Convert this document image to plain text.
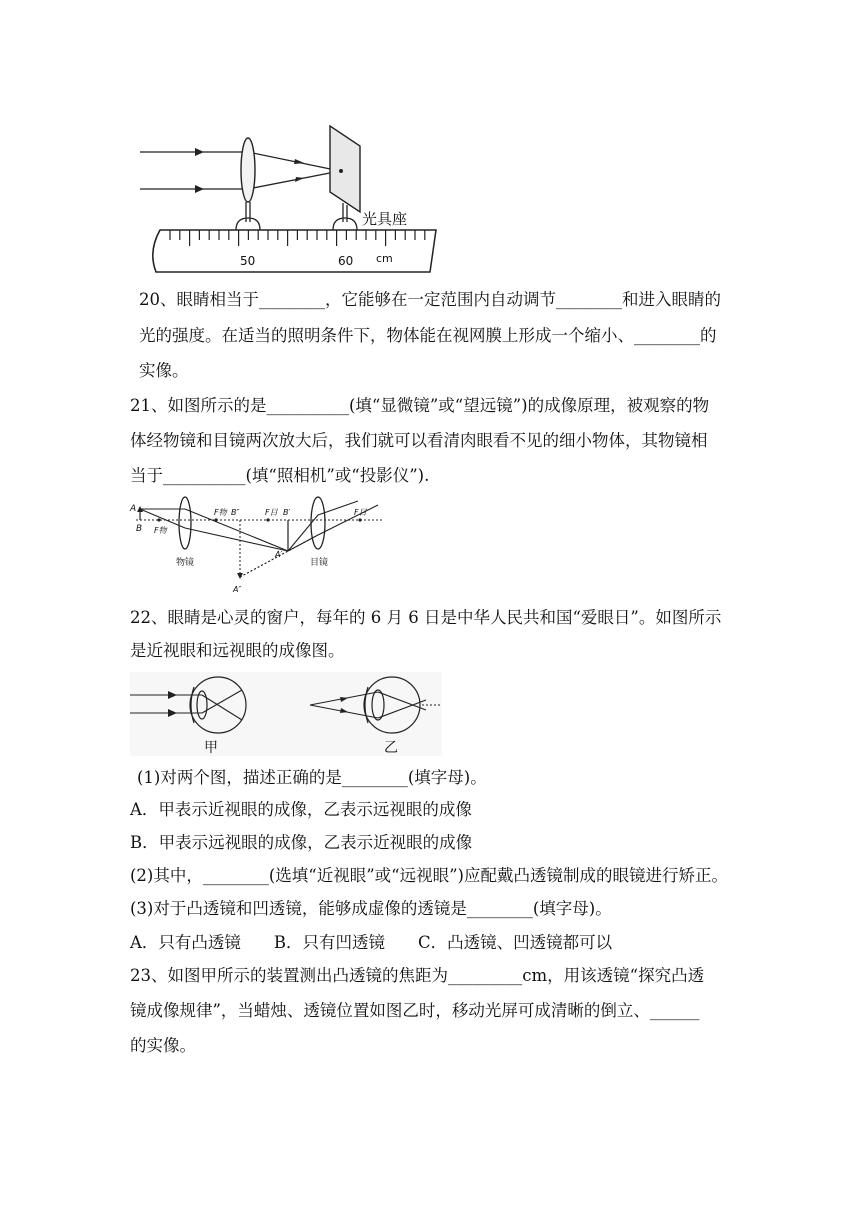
光具座
50	60 cm
20、眼睛相当于________，它能够在一定范围内自动调节________和进入眼睛的
光的强度。在适当的照明条件下，物体能在视网膜上形成一个缩小、________的
实像。
21、如图所示的是__________(填“显微镜”或“望远镜”)的成像原理，被观察的物
体经物镜和目镜两次放大后，我们就可以看清肉眼看不见的细小物体，其物镜相
当于__________(填“照相机”或“投影仪”).
A
B F物
F物 B″	F目 B′	F目
A′
A″
物镜	目镜
22、眼睛是心灵的窗户，每年的 6 月 6 日是中华人民共和国“爱眼日”。如图所示
是近视眼和远视眼的成像图。
甲	乙
(1)对两个图，描述正确的是________(填字母)。
A．甲表示近视眼的成像，乙表示远视眼的成像
B．甲表示远视眼的成像，乙表示近视眼的成像
(2)其中，________(选填“近视眼”或“远视眼”)应配戴凸透镜制成的眼镜进行矫正。
(3)对于凸透镜和凹透镜，能够成虚像的透镜是________(填字母)。
A．只有凸透镜　　B．只有凹透镜　　C．凸透镜、凹透镜都可以
23、如图甲所示的装置测出凸透镜的焦距为_________cm，用该透镜“探究凸透
镜成像规律”，当蜡烛、透镜位置如图乙时，移动光屏可成清晰的倒立、______
的实像。
